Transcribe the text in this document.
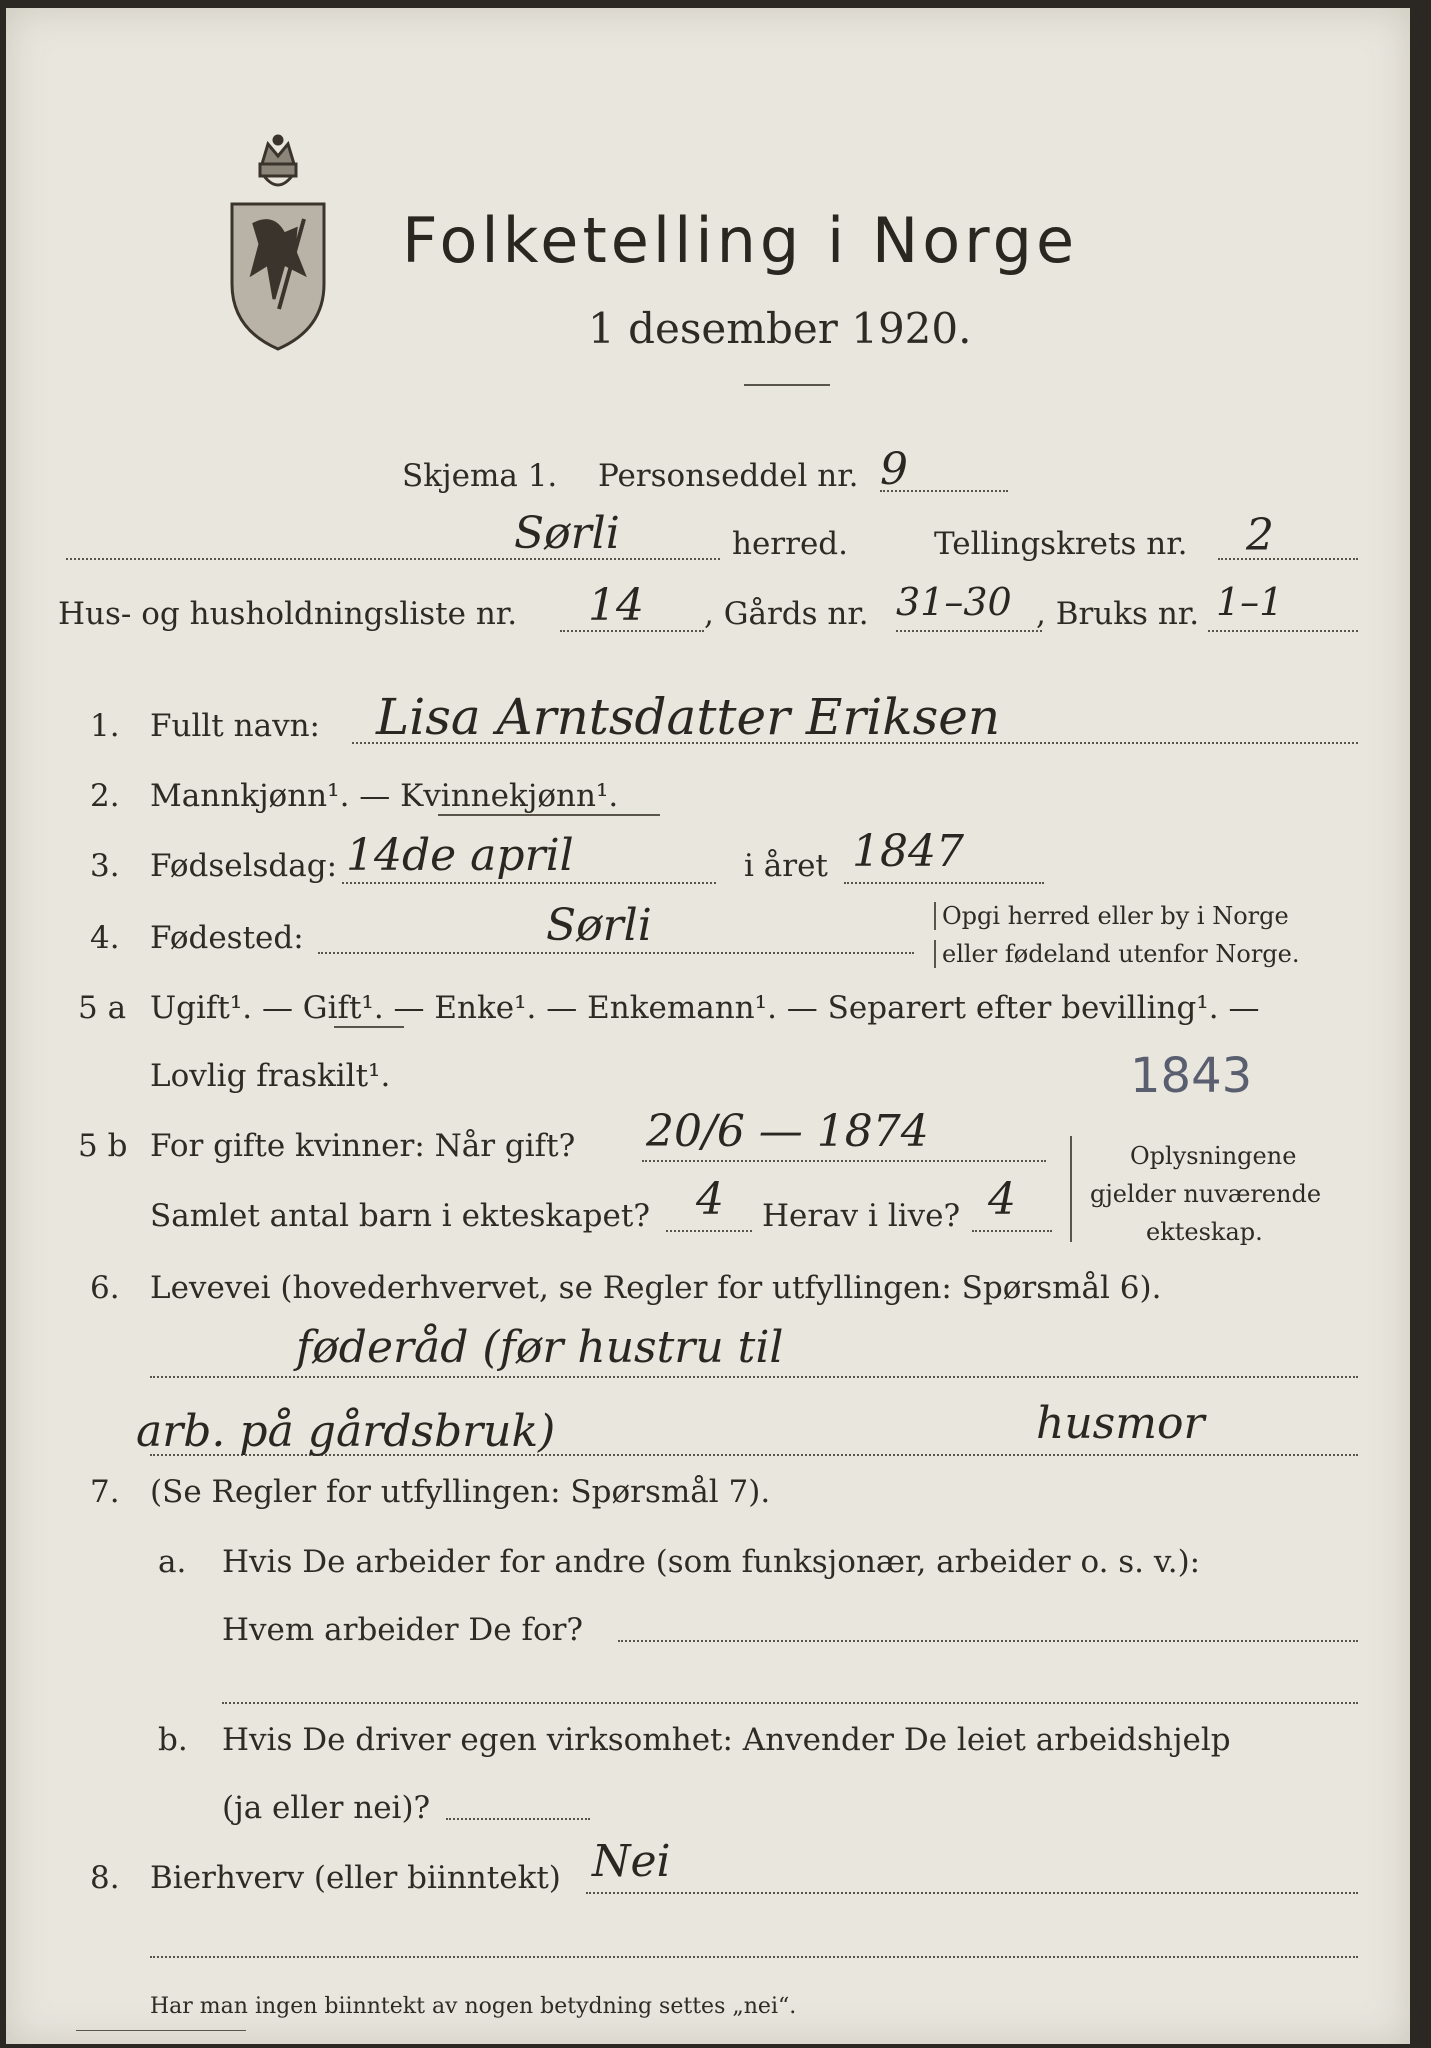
Folketelling i Norge
1 desember 1920.
Skjema 1. Personseddel nr. 9
Sørli	herred.	Tellingskrets nr. 2
Hus- og husholdningsliste nr. 14 , Gårds nr. 31–30 , Bruks nr. 1–1
1. Fullt navn: Lisa Arntsdatter Eriksen
2. Mannkjønn¹. — Kvinnekjønn¹.
3. Fødselsdag: 14de april	i året 1847
4. Fødested:	Sørli	Opgi herred eller by i Norge
eller fødeland utenfor Norge.
5 a Ugift¹. — Gift¹. — Enke¹. — Enkemann¹. — Separert efter bevilling¹. —
Lovlig fraskilt¹.	1843
5 b For gifte kvinner: Når gift? 20/6 — 1874
Samlet antal barn i ekteskapet? 4 Herav i live? 4
Oplysningene
gjelder nuværende
ekteskap.
6. Levevei (hovederhvervet, se Regler for utfyllingen: Spørsmål 6).
føderåd (før hustru til
arb. på gårdsbruk)	husmor
7. (Se Regler for utfyllingen: Spørsmål 7).
a. Hvis De arbeider for andre (som funksjonær, arbeider o. s. v.):
Hvem arbeider De for?
b. Hvis De driver egen virksomhet: Anvender De leiet arbeidshjelp
(ja eller nei)?
8. Bierhverv (eller biinntekt) Nei
Har man ingen biinntekt av nogen betydning settes „nei“.
